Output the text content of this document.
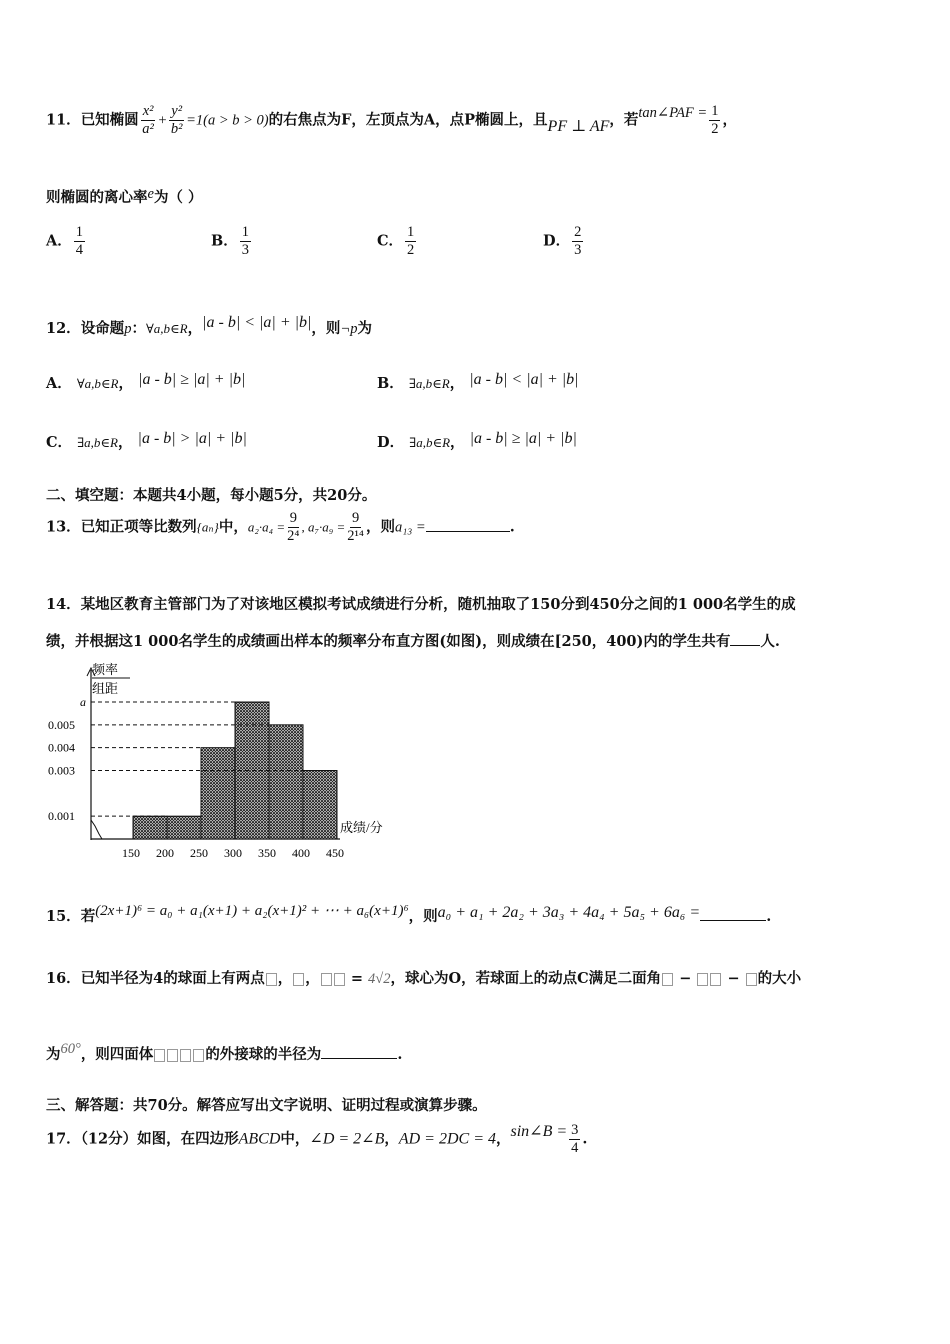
11．已知椭圆 $\frac{\text{x²}}{\text{a²}} + \frac{\text{y²}}{\text{b²}} =1(a > b > 0)$的右焦点为F，左顶点为A，点P椭圆上，且PF ⊥ AF，若tan∠PAF = $\frac{1}{2}$ ，
则椭圆的离心率e为（ ）
A． $\frac{1}{4}$	B． $\frac{1}{3}$	C． $\frac{1}{2}$	D． $\frac{2}{3}$
12．设命题p：∀a,b∈R，|a - b| < |a| + |b|，则¬p为
A． ∀a,b∈R， |a - b| ≥ |a| + |b|	B． ∃a,b∈R， |a - b| < |a| + |b|
C． ∃a,b∈R， |a - b| > |a| + |b|	D． ∃a,b∈R， |a - b| ≥ |a| + |b|
二、填空题：本题共4小题，每小题5分，共20分。
13．已知正项等比数列{aₙ}中，$a_2\cdot a_4 = \frac{9}{\text{2⁴}}$ , $a_7\cdot a_9 = \frac{9}{\text{2¹⁴}}$ ，则a₁₃ =	.
14．某地区教育主管部门为了对该地区模拟考试成绩进行分析，随机抽取了150分到450分之间的1 000名学生的成
绩，并根据这1 000名学生的成绩画出样本的频率分布直方图(如图)，则成绩在[250，400)内的学生共有 人.
频率
组距
成绩/分
150 200 250 300 350 400 450
a
0.005
0.004
0.003
0.001
15．若(2x+1)⁶ = a₀ + a₁(x+1) + a₂(x+1)² + ⋯ + a₆(x+1)⁶，则a₀ + a₁ + 2a₂ + 3a₃ + 4a₄ + 5a₅ + 6a₆ =	.
16．已知半径为4的球面上有两点 ， ， = 4√2，球心为O，若球面上的动点C满足二面角 −  − 的大小
为60°，则四面体	的外接球的半径为	.
三、解答题：共70分。解答应写出文字说明、证明过程或演算步骤。
17．（12分）如图，在四边形ABCD中，∠D = 2∠B，AD = 2DC = 4，sin∠B = $\frac{3}{4}$ .
